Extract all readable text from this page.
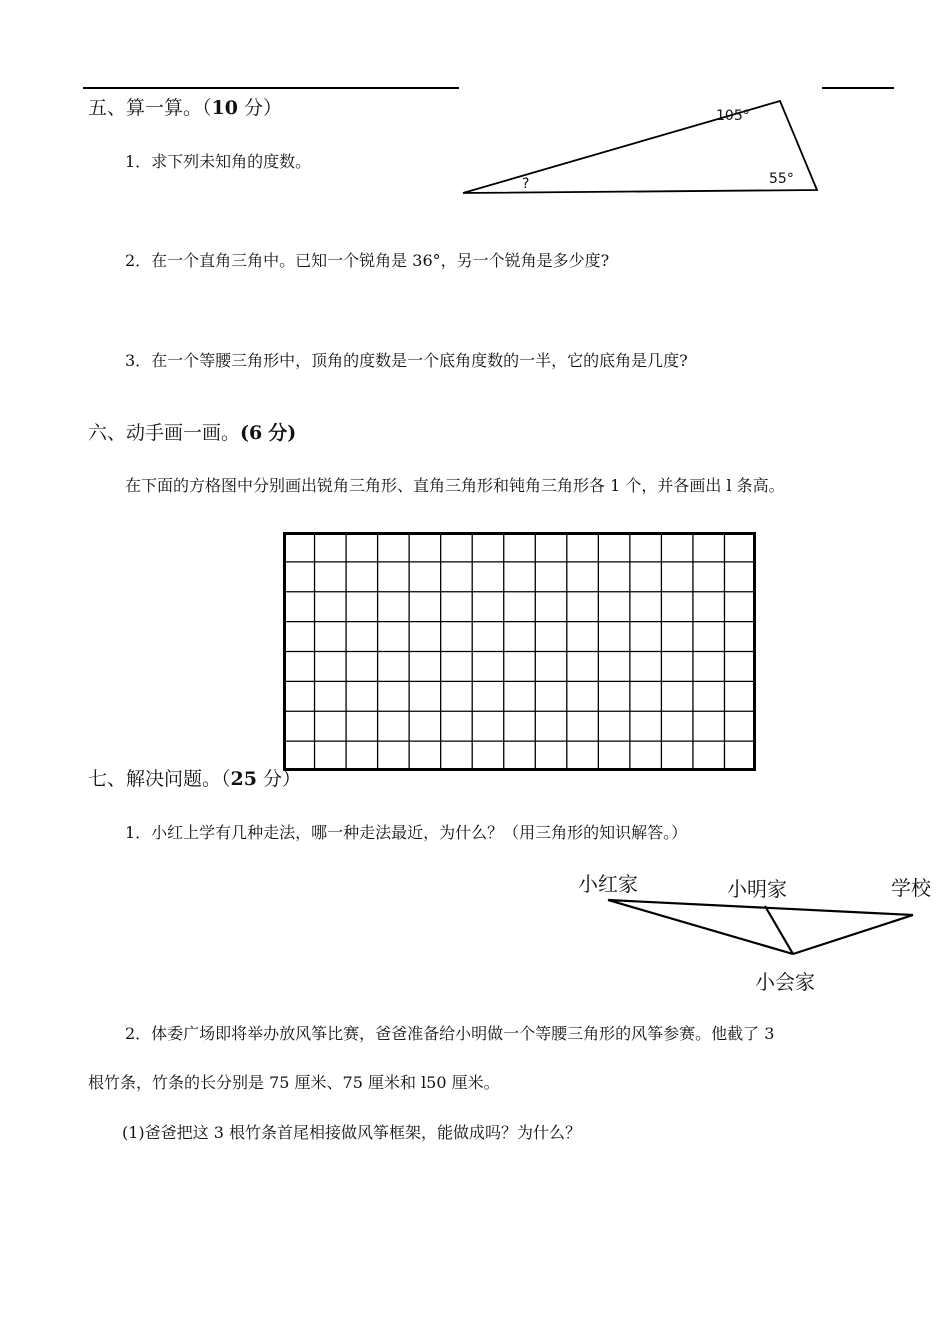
五、算一算。（10 分）
1．求下列未知角的度数。
105°
55°
?
2．在一个直角三角中。已知一个锐角是 36°，另一个锐角是多少度?
3．在一个等腰三角形中，顶角的度数是一个底角度数的一半，它的底角是几度?
六、动手画一画。(6 分)
在下面的方格图中分别画出锐角三角形、直角三角形和钝角三角形各 1 个，并各画出 l 条高。
七、解决问题。（25 分）
1．小红上学有几种走法，哪一种走法最近，为什么？（用三角形的知识解答。）
小红家	小明家	学校
小会家
2．体委广场即将举办放风筝比赛，爸爸准备给小明做一个等腰三角形的风筝参赛。他截了 3
根竹条，竹条的长分别是 75 厘米、75 厘米和 l50 厘米。
(1)爸爸把这 3 根竹条首尾相接做风筝框架，能做成吗？为什么？
